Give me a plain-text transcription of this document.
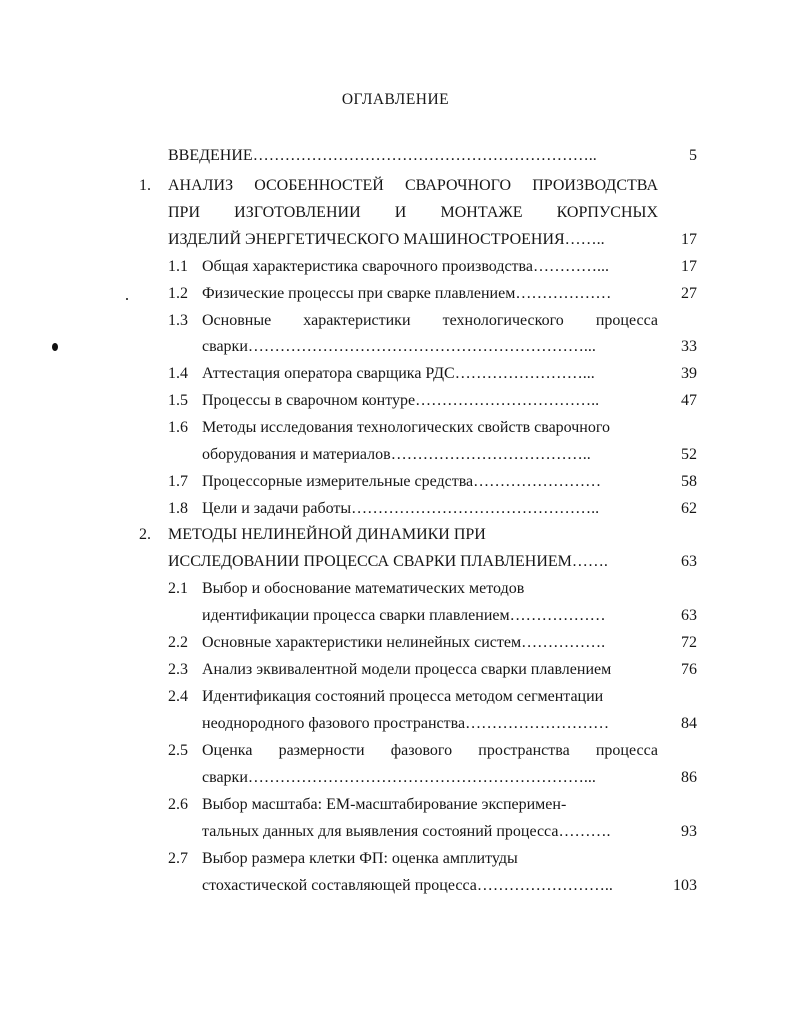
ОГЛАВЛЕНИЕ
ВВЕДЕНИЕ………………………………………………………..	5
1. АНАЛИЗ ОСОБЕННОСТЕЙ СВАРОЧНОГО ПРОИЗВОДСТВА
ПРИ ИЗГОТОВЛЕНИИ И МОНТАЖЕ КОРПУСНЫХ
ИЗДЕЛИЙ ЭНЕРГЕТИЧЕСКОГО МАШИНОСТРОЕНИЯ……..	17
1.1 Общая характеристика сварочного производства…………...	17
1.2 Физические процессы при сварке плавлением………………	27
1.3 Основные характеристики технологического процесса
сварки………………………………………………………...	33
1.4 Аттестация оператора сварщика РДС……………………...	39
1.5 Процессы в сварочном контуре……………………………..	47
1.6 Методы исследования технологических свойств сварочного
оборудования и материалов………………………………..	52
1.7 Процессорные измерительные средства……………………	58
1.8 Цели и задачи работы………………………………………..	62
2. МЕТОДЫ НЕЛИНЕЙНОЙ ДИНАМИКИ ПРИ
ИССЛЕДОВАНИИ ПРОЦЕССА СВАРКИ ПЛАВЛЕНИЕМ…….	63
2.1 Выбор и обоснование математических методов
идентификации процесса сварки плавлением………………	63
2.2 Основные характеристики нелинейных систем…………….	72
2.3 Анализ эквивалентной модели процесса сварки плавлением	76
2.4 Идентификация состояний процесса методом сегментации
неоднородного фазового пространства………………………	84
2.5 Оценка размерности фазового пространства процесса
сварки………………………………………………………...	86
2.6 Выбор масштаба: ЕМ-масштабирование эксперимен-
тальных данных для выявления состояний процесса……….	93
2.7 Выбор размера клетки ФП: оценка амплитуды
стохастической составляющей процесса……………………..	103
